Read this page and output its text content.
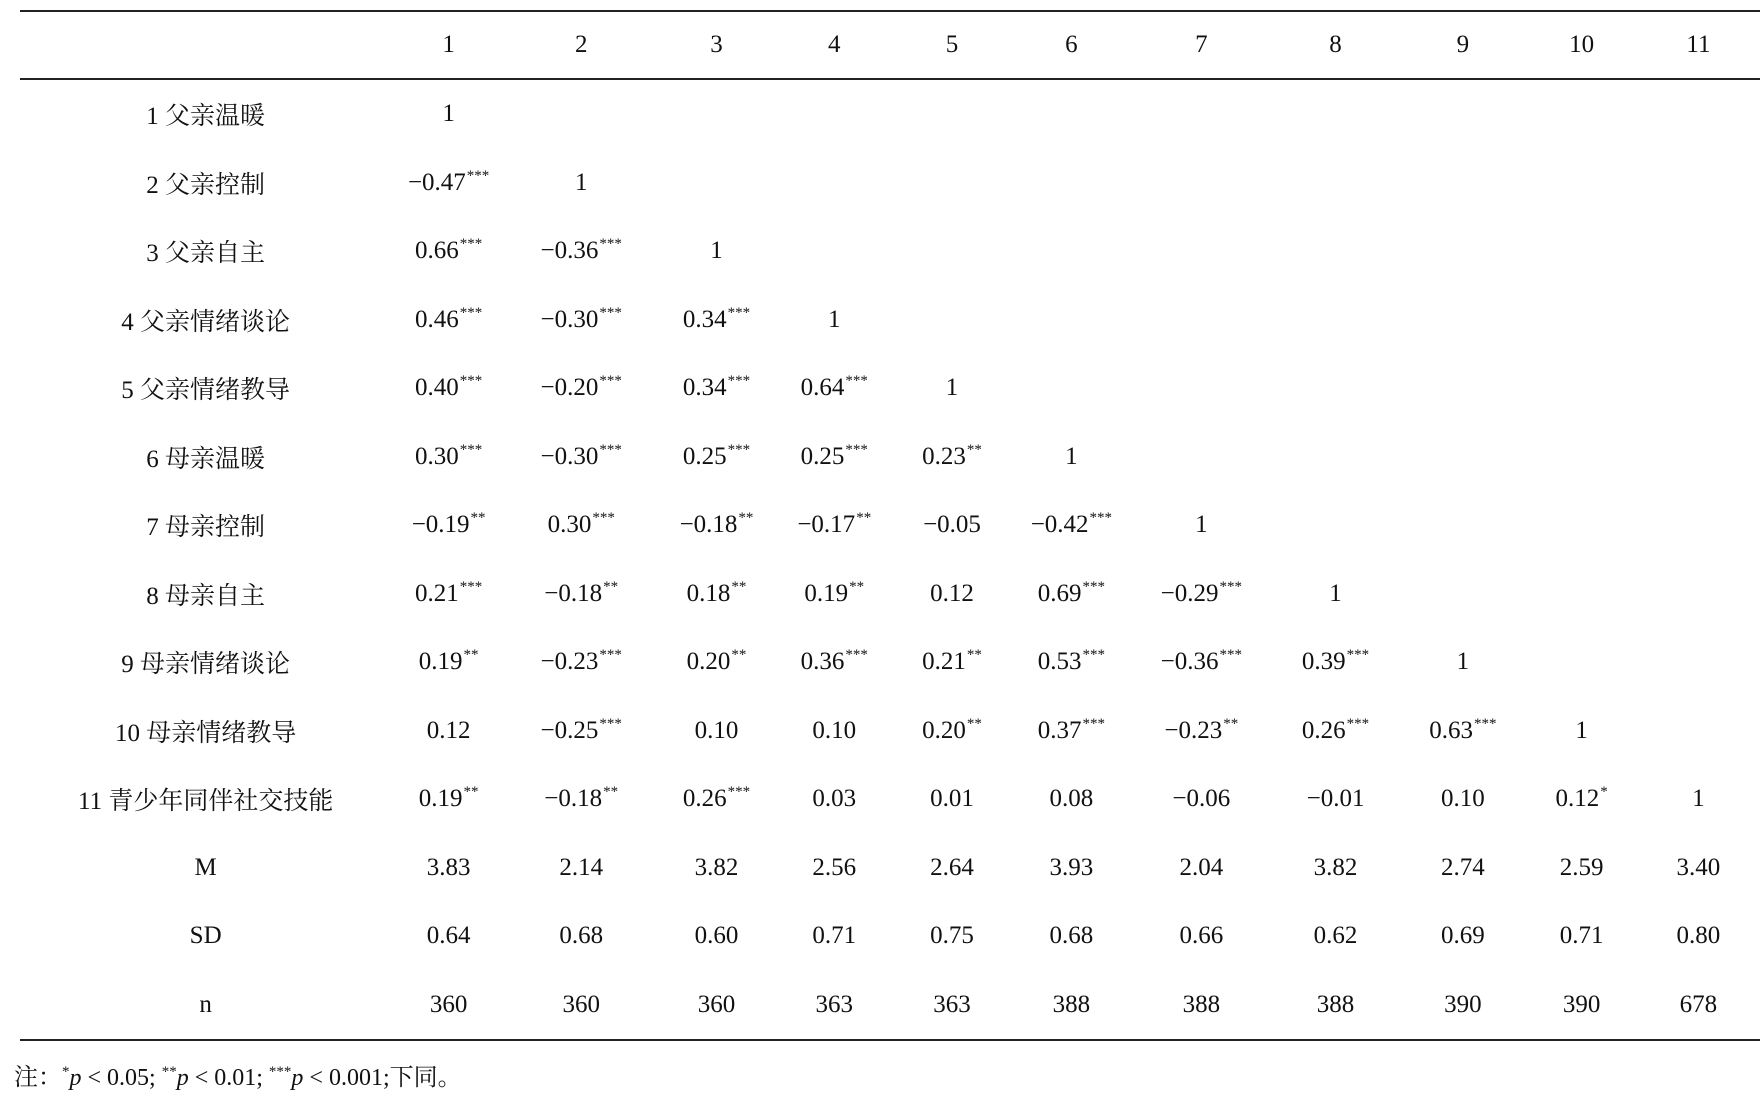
	1	2	3	4	5	6	7	8	9	10	11
1 父亲温暖	1										
2 父亲控制	−0.47***	1									
3 父亲自主	0.66***	−0.36***	1								
4 父亲情绪谈论	0.46***	−0.30***	0.34***	1							
5 父亲情绪教导	0.40***	−0.20***	0.34***	0.64***	1						
6 母亲温暖	0.30***	−0.30***	0.25***	0.25***	0.23**	1					
7 母亲控制	−0.19**	0.30***	−0.18**	−0.17**	−0.05	−0.42***	1				
8 母亲自主	0.21***	−0.18**	0.18**	0.19**	0.12	0.69***	−0.29***	1			
9 母亲情绪谈论	0.19**	−0.23***	0.20**	0.36***	0.21**	0.53***	−0.36***	0.39***	1		
10 母亲情绪教导	0.12	−0.25***	0.10	0.10	0.20**	0.37***	−0.23**	0.26***	0.63***	1	
11 青少年同伴社交技能	0.19**	−0.18**	0.26***	0.03	0.01	0.08	−0.06	−0.01	0.10	0.12*	1
M	3.83	2.14	3.82	2.56	2.64	3.93	2.04	3.82	2.74	2.59	3.40
SD	0.64	0.68	0.60	0.71	0.75	0.68	0.66	0.62	0.69	0.71	0.80
n	360	360	360	363	363	388	388	388	390	390	678
注：*p < 0.05; **p < 0.01; ***p < 0.001;下同。
